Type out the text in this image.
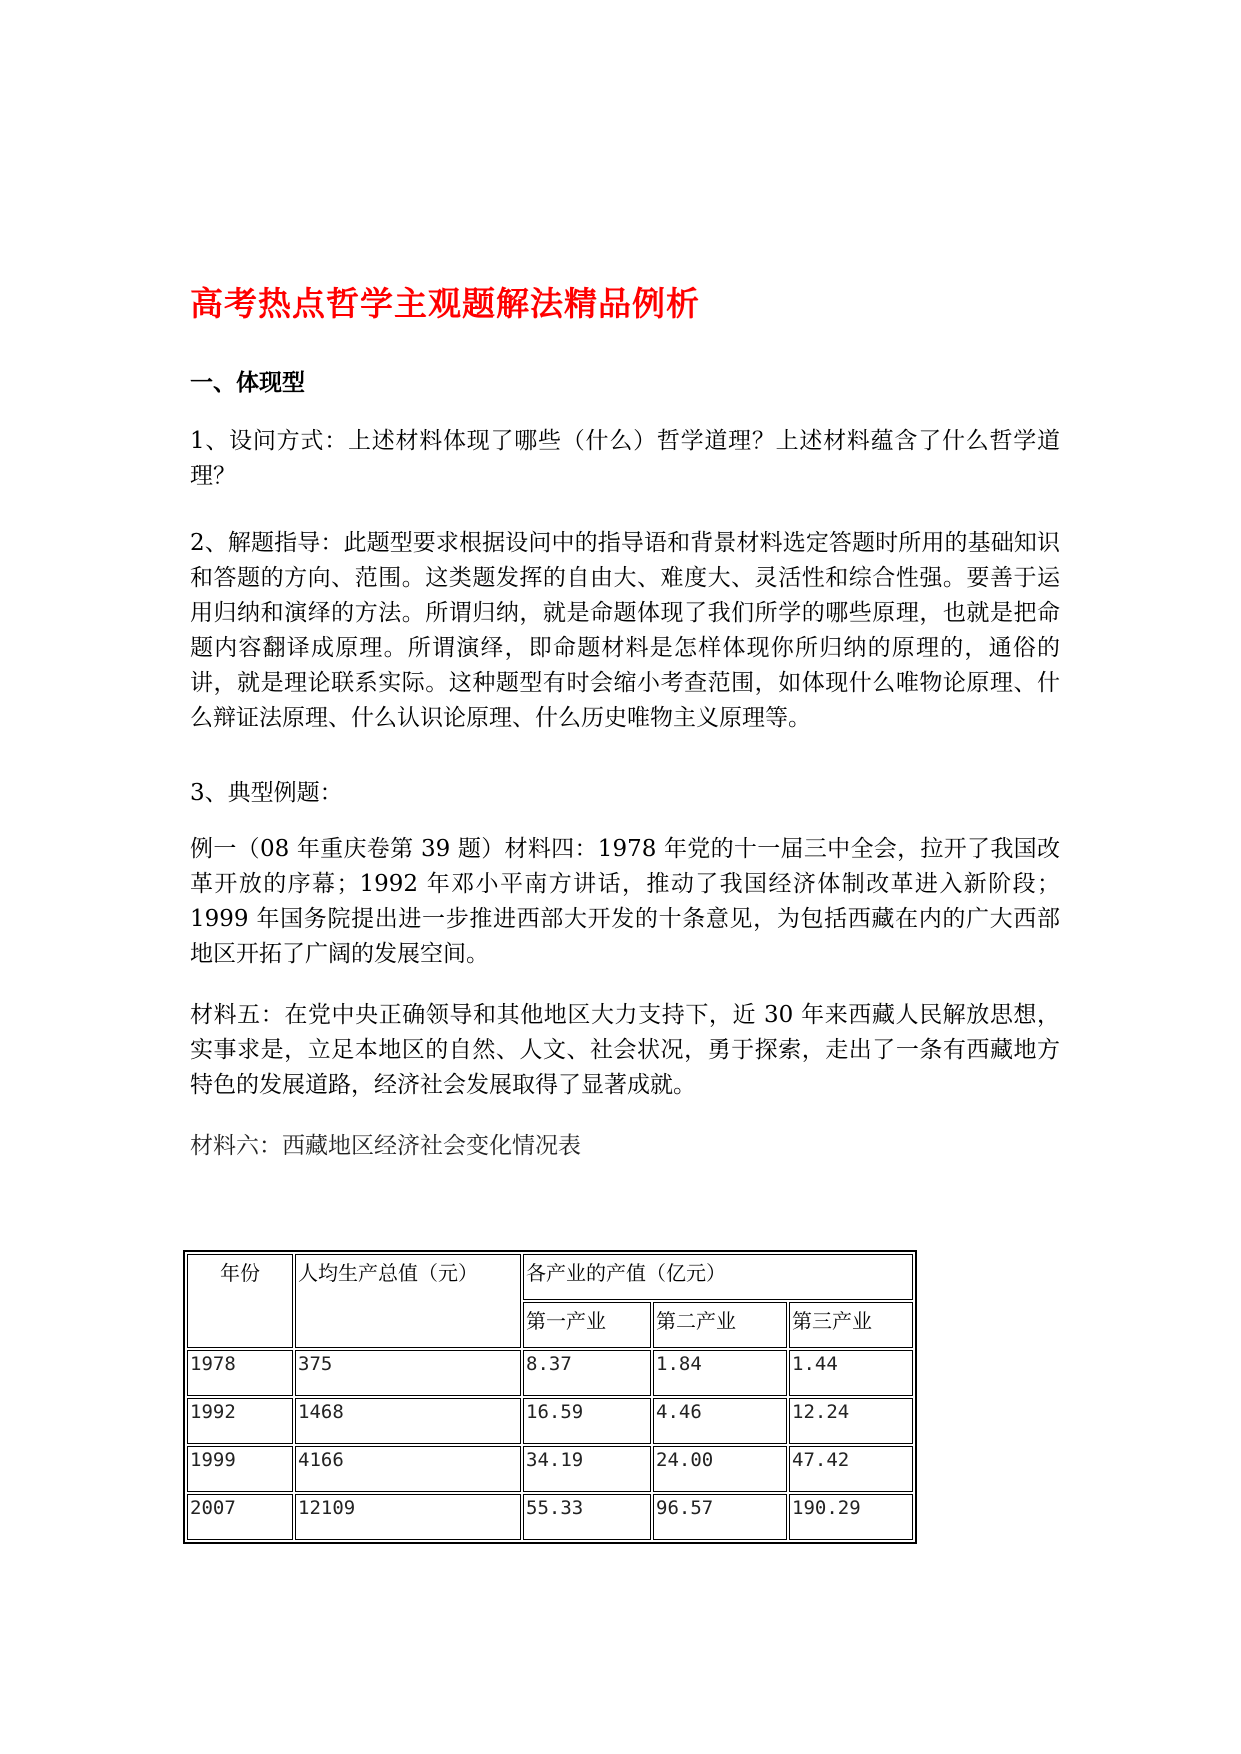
高考热点哲学主观题解法精品例析
一、体现型

1、设问方式：上述材料体现了哪些（什么）哲学道理？上述材料蕴含了什么哲学道理？

2、解题指导：此题型要求根据设问中的指导语和背景材料选定答题时所用的基础知识和答题的方向、范围。这类题发挥的自由大、难度大、灵活性和综合性强。要善于运用归纳和演绎的方法。所谓归纳，就是命题体现了我们所学的哪些原理，也就是把命题内容翻译成原理。所谓演绎，即命题材料是怎样体现你所归纳的原理的，通俗的讲，就是理论联系实际。这种题型有时会缩小考查范围，如体现什么唯物论原理、什么辩证法原理、什么认识论原理、什么历史唯物主义原理等。

3、典型例题：

例一（08 年重庆卷第 39 题）材料四：1978 年党的十一届三中全会，拉开了我国改革开放的序幕；1992 年邓小平南方讲话，推动了我国经济体制改革进入新阶段；1999 年国务院提出进一步推进西部大开发的十条意见，为包括西藏在内的广大西部地区开拓了广阔的发展空间。

材料五：在党中央正确领导和其他地区大力支持下，近 30 年来西藏人民解放思想，实事求是，立足本地区的自然、人文、社会状况，勇于探索，走出了一条有西藏地方特色的发展道路，经济社会发展取得了显著成就。

材料六：西藏地区经济社会变化情况表

年份	人均生产总值（元）	各产业的产值（亿元）		
		第一产业	第二产业	第三产业
1978	375	8.37	1.84	1.44
1992	1468	16.59	4.46	12.24
1999	4166	34.19	24.00	47.42
2007	12109	55.33	96.57	190.29
